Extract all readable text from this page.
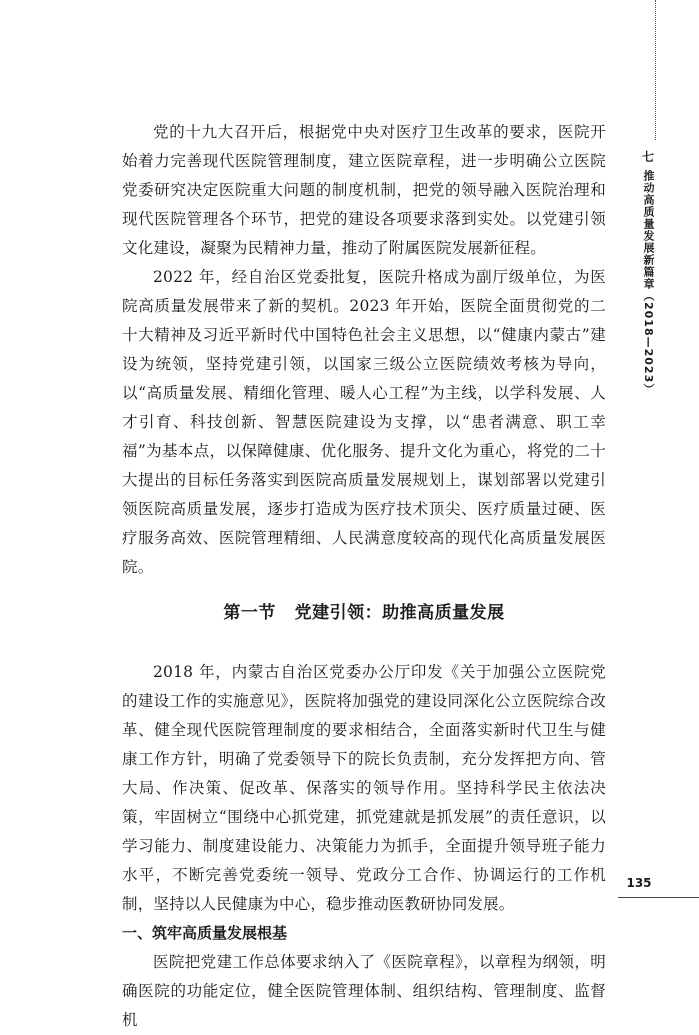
党的十九大召开后，根据党中央对医疗卫生改革的要求，医院开始着力完善现代医院管理制度，建立医院章程，进一步明确公立医院党委研究决定医院重大问题的制度机制，把党的领导融入医院治理和现代医院管理各个环节，把党的建设各项要求落到实处。以党建引领文化建设，凝聚为民精神力量，推动了附属医院发展新征程。

2022 年，经自治区党委批复，医院升格成为副厅级单位，为医院高质量发展带来了新的契机。2023 年开始，医院全面贯彻党的二十大精神及习近平新时代中国特色社会主义思想，以“健康内蒙古”建设为统领，坚持党建引领，以国家三级公立医院绩效考核为导向，以“高质量发展、精细化管理、暖人心工程”为主线，以学科发展、人才引育、科技创新、智慧医院建设为支撑，以“患者满意、职工幸福”为基本点，以保障健康、优化服务、提升文化为重心，将党的二十大提出的目标任务落实到医院高质量发展规划上，谋划部署以党建引领医院高质量发展，逐步打造成为医疗技术顶尖、医疗质量过硬、医疗服务高效、医院管理精细、人民满意度较高的现代化高质量发展医院。

第一节 党建引领：助推高质量发展

2018 年，内蒙古自治区党委办公厅印发《关于加强公立医院党的建设工作的实施意见》，医院将加强党的建设同深化公立医院综合改革、健全现代医院管理制度的要求相结合，全面落实新时代卫生与健康工作方针，明确了党委领导下的院长负责制，充分发挥把方向、管大局、作决策、促改革、保落实的领导作用。坚持科学民主依法决策，牢固树立“围绕中心抓党建，抓党建就是抓发展”的责任意识，以学习能力、制度建设能力、决策能力为抓手，全面提升领导班子能力水平，不断完善党委统一领导、党政分工合作、协调运行的工作机制，坚持以人民健康为中心，稳步推动医教研协同发展。

一、筑牢高质量发展根基

医院把党建工作总体要求纳入了《医院章程》，以章程为纲领，明确医院的功能定位，健全医院管理体制、组织结构、管理制度、监督机

七
推动高质量发展新篇章（2018—2023）
135
